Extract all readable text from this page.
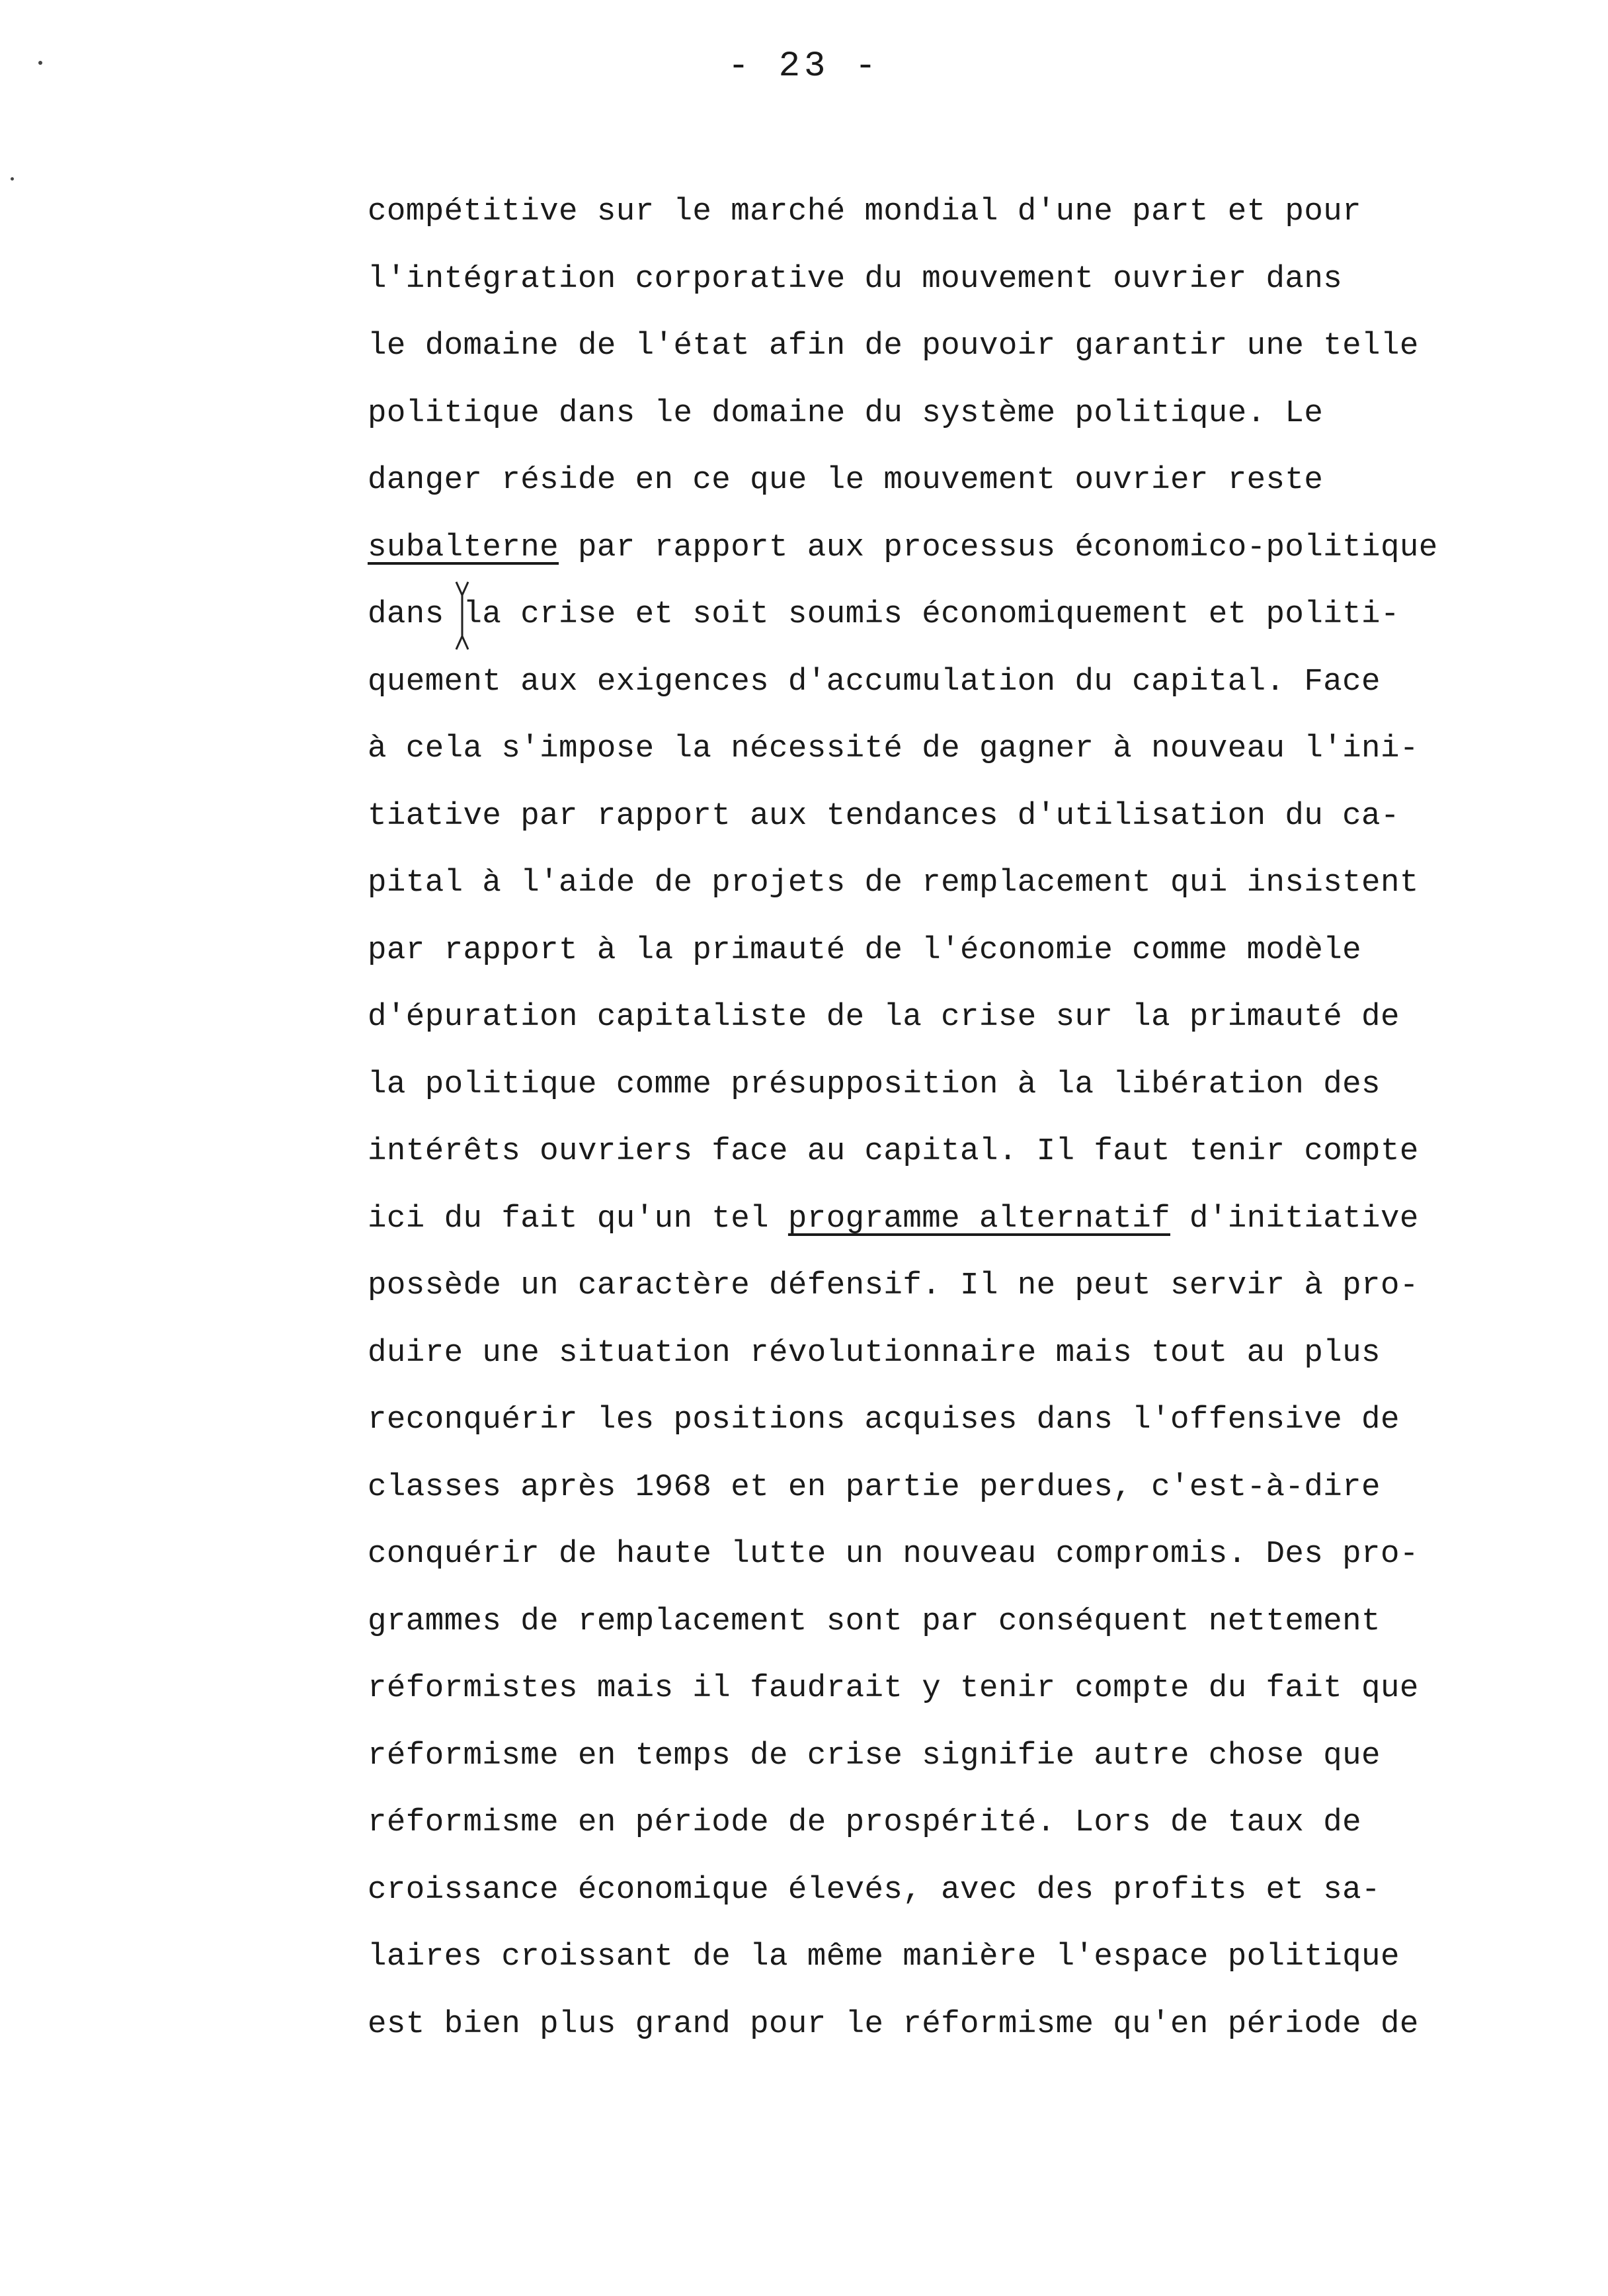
- 23 -
compétitive sur le marché mondial d'une part et pour
l'intégration corporative du mouvement ouvrier dans
le domaine de l'état afin de pouvoir garantir une telle
politique dans le domaine du système politique. Le
danger réside en ce que le mouvement ouvrier reste
subalterne par rapport aux processus économico-politique
dans la crise et soit soumis économiquement et politi-
quement aux exigences d'accumulation du capital. Face
à cela s'impose la nécessité de gagner à nouveau l'ini-
tiative par rapport aux tendances d'utilisation du ca-
pital à l'aide de projets de remplacement qui insistent
par rapport à la primauté de l'économie comme modèle
d'épuration capitaliste de la crise sur la primauté de
la politique comme présupposition à la libération des
intérêts ouvriers face au capital. Il faut tenir compte
ici du fait qu'un tel programme alternatif d'initiative
possède un caractère défensif. Il ne peut servir à pro-
duire une situation révolutionnaire mais tout au plus
reconquérir les positions acquises dans l'offensive de
classes après 1968 et en partie perdues, c'est-à-dire
conquérir de haute lutte un nouveau compromis. Des pro-
grammes de remplacement sont par conséquent nettement
réformistes mais il faudrait y tenir compte du fait que
réformisme en temps de crise signifie autre chose que
réformisme en période de prospérité. Lors de taux de
croissance économique élevés, avec des profits et sa-
laires croissant de la même manière l'espace politique
est bien plus grand pour le réformisme qu'en période de
